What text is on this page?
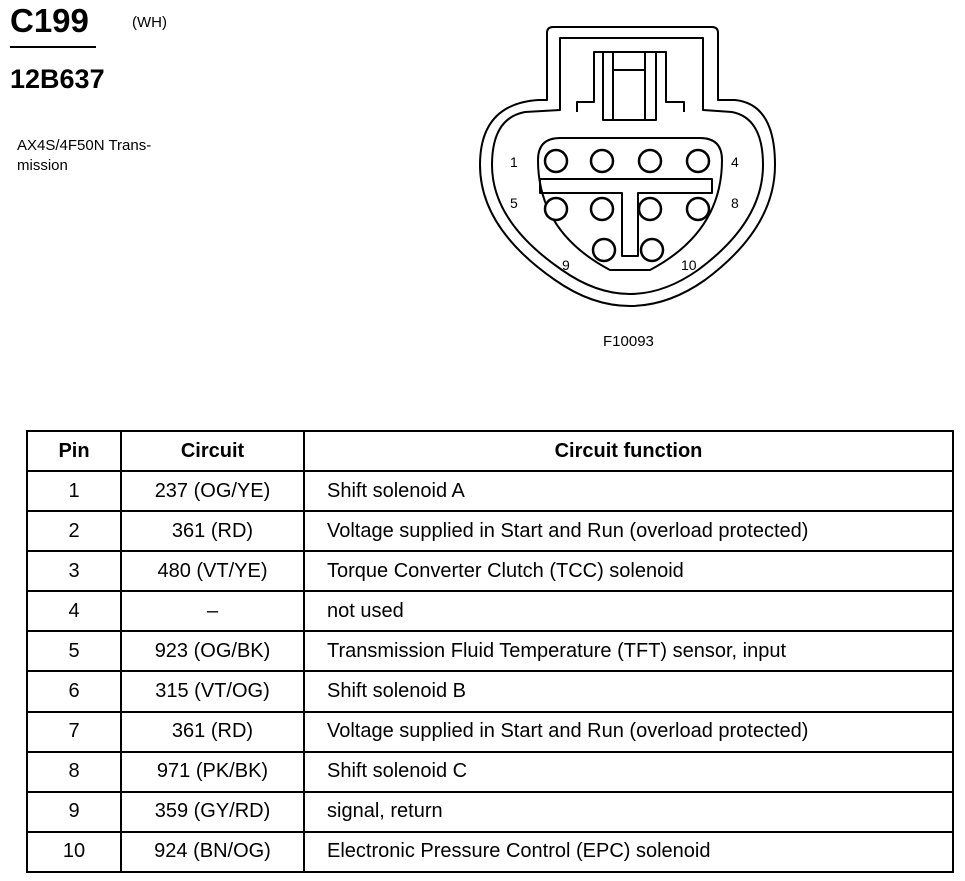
C199	(WH)
12B637
AX4S/4F50N Trans-
mission	1	4
5	8
9	10
F10093
Pin	Circuit	Circuit function
1	237 (OG/YE)	Shift solenoid A
2	361 (RD)	Voltage supplied in Start and Run (overload protected)
3	480 (VT/YE)	Torque Converter Clutch (TCC) solenoid
4	–	not used
5	923 (OG/BK)	Transmission Fluid Temperature (TFT) sensor, input
6	315 (VT/OG)	Shift solenoid B
7	361 (RD)	Voltage supplied in Start and Run (overload protected)
8	971 (PK/BK)	Shift solenoid C
9	359 (GY/RD)	signal, return
10	924 (BN/OG)	Electronic Pressure Control (EPC) solenoid
